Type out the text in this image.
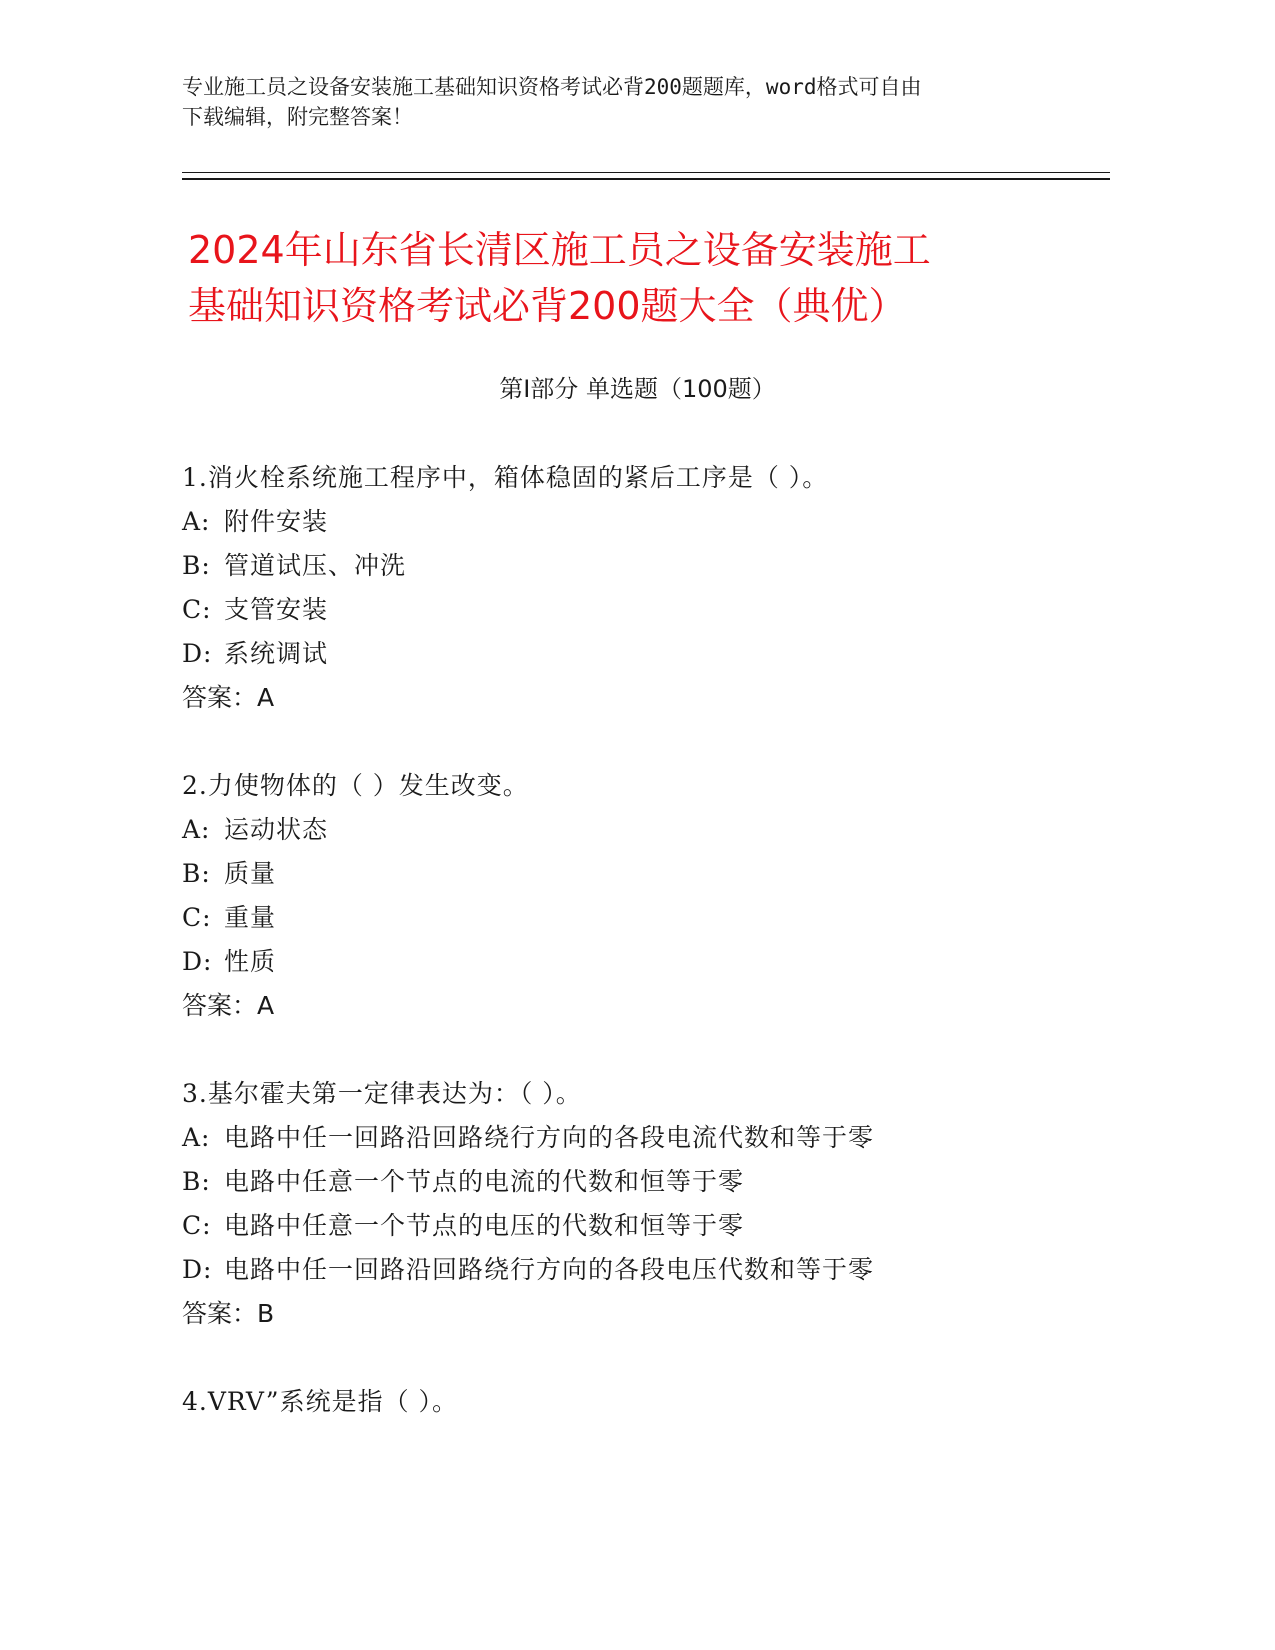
专业施工员之设备安装施工基础知识资格考试必背200题题库，word格式可自由
下载编辑，附完整答案！
2024年山东省长清区施工员之设备安装施工
基础知识资格考试必背200题大全（典优）
第Ⅰ部分 单选题（100题）
1.消火栓系统施工程序中，箱体稳固的紧后工序是（ ）。
A: 附件安装
B: 管道试压、冲洗
C: 支管安装
D: 系统调试
答案：A
2.力使物体的（ ）发生改变。
A: 运动状态
B: 质量
C: 重量
D: 性质
答案：A
3.基尔霍夫第一定律表达为：（ ）。
A: 电路中任一回路沿回路绕行方向的各段电流代数和等于零
B: 电路中任意一个节点的电流的代数和恒等于零
C: 电路中任意一个节点的电压的代数和恒等于零
D: 电路中任一回路沿回路绕行方向的各段电压代数和等于零
答案：B
4.VRV”系统是指（ ）。
